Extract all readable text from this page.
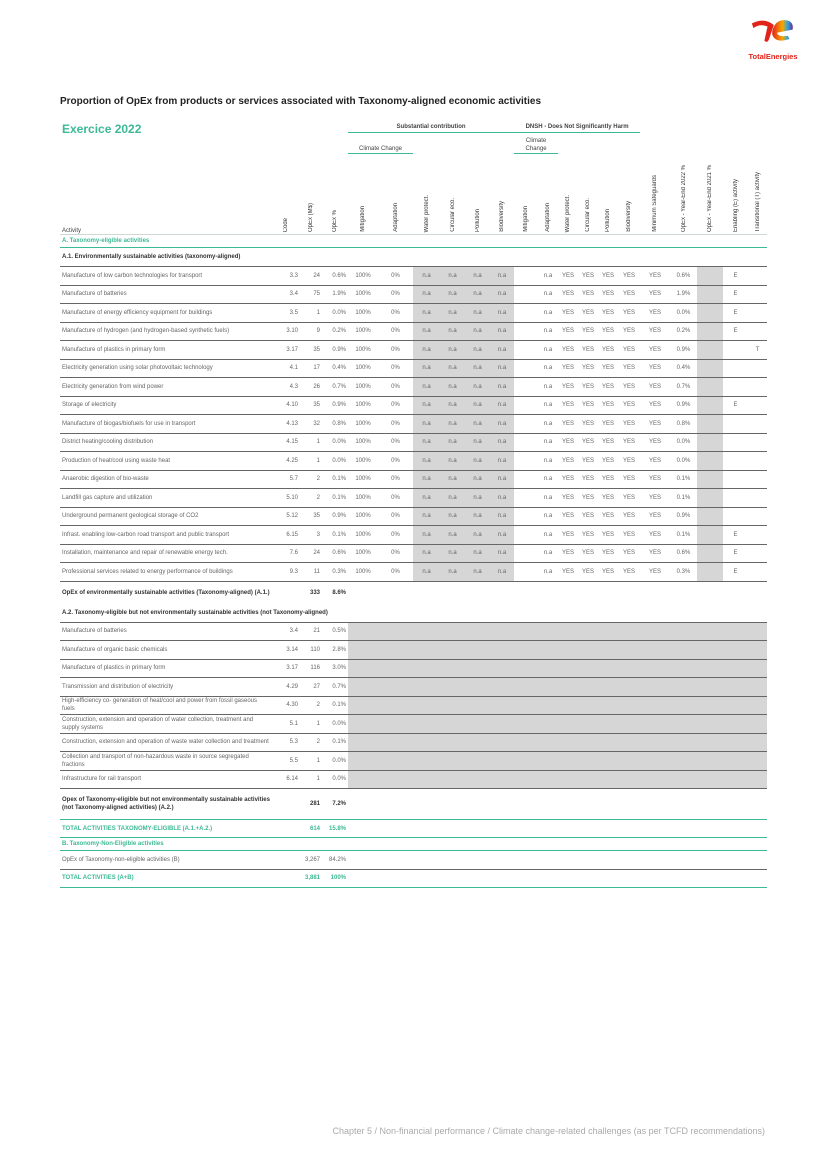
TotalEnergies
Proportion of OpEx from products or services associated with Taxonomy-aligned economic activities
Exercice 2022
				Substantial contribution						DNSH - Does Not Significantly Harm										
				Climate Change						Climate Change										
Activity	Code	OpEx (M$)	OpEx %	Mitigation	Adaptation	Water protect.	Circular eco.	Pollution	Biodiversity	Mitigation	Adaptation	Water protect.	Circular eco.	Pollution	Biodiversity	Minimum Safeguards	OpEx - Year-End 2022 %	OpEx - Year-End 2021 %	Enabling (E) activity	Transitional (T) activity
A. Taxonomy-eligible activities																				
A.1. Environmentally sustainable activities (taxonomy-aligned)																				
Manufacture of low carbon technologies for transport	3.3	24	0.6%	100%	0%	n.a	n.a	n.a	n.a		n.a	YES	YES	YES	YES	YES	0.6%		E	
Manufacture of batteries	3.4	75	1.9%	100%	0%	n.a	n.a	n.a	n.a		n.a	YES	YES	YES	YES	YES	1.9%		E	
Manufacture of energy efficiency equipment for buildings	3.5	1	0.0%	100%	0%	n.a	n.a	n.a	n.a		n.a	YES	YES	YES	YES	YES	0.0%		E	
Manufacture of hydrogen (and hydrogen-based synthetic fuels)	3.10	9	0.2%	100%	0%	n.a	n.a	n.a	n.a		n.a	YES	YES	YES	YES	YES	0.2%		E	
Manufacture of plastics in primary form	3.17	35	0.9%	100%	0%	n.a	n.a	n.a	n.a		n.a	YES	YES	YES	YES	YES	0.9%			T
Electricity generation using solar photovoltaic technology	4.1	17	0.4%	100%	0%	n.a	n.a	n.a	n.a		n.a	YES	YES	YES	YES	YES	0.4%			
Electricity generation from wind power	4.3	26	0.7%	100%	0%	n.a	n.a	n.a	n.a		n.a	YES	YES	YES	YES	YES	0.7%			
Storage of electricity	4.10	35	0.9%	100%	0%	n.a	n.a	n.a	n.a		n.a	YES	YES	YES	YES	YES	0.9%		E	
Manufacture of biogas/biofuels for use in transport	4.13	32	0.8%	100%	0%	n.a	n.a	n.a	n.a		n.a	YES	YES	YES	YES	YES	0.8%			
District heating/cooling distribution	4.15	1	0.0%	100%	0%	n.a	n.a	n.a	n.a		n.a	YES	YES	YES	YES	YES	0.0%			
Production of heat/cool using waste heat	4.25	1	0.0%	100%	0%	n.a	n.a	n.a	n.a		n.a	YES	YES	YES	YES	YES	0.0%			
Anaerobic digestion of bio-waste	5.7	2	0.1%	100%	0%	n.a	n.a	n.a	n.a		n.a	YES	YES	YES	YES	YES	0.1%			
Landfill gas capture and utilization	5.10	2	0.1%	100%	0%	n.a	n.a	n.a	n.a		n.a	YES	YES	YES	YES	YES	0.1%			
Underground permanent geological storage of CO2	5.12	35	0.9%	100%	0%	n.a	n.a	n.a	n.a		n.a	YES	YES	YES	YES	YES	0.9%			
Infrast. enabling low-carbon road transport and public transport	6.15	3	0.1%	100%	0%	n.a	n.a	n.a	n.a		n.a	YES	YES	YES	YES	YES	0.1%		E	
Installation, maintenance and repair of renewable energy tech.	7.6	24	0.6%	100%	0%	n.a	n.a	n.a	n.a		n.a	YES	YES	YES	YES	YES	0.6%		E	
Professional services related to energy performance of buildings	9.3	11	0.3%	100%	0%	n.a	n.a	n.a	n.a		n.a	YES	YES	YES	YES	YES	0.3%		E	
OpEx of environmentally sustainable activities (Taxonomy-aligned) (A.1.)		333	8.6%																	
A.2. Taxonomy-eligible but not environmentally sustainable activities (not Taxonomy-aligned)																				
Manufacture of batteries	3.4	21	0.5%																	
Manufacture of organic basic chemicals	3.14	110	2.8%																	
Manufacture of plastics in primary form	3.17	116	3.0%																	
Transmission and distribution of electricity	4.29	27	0.7%																	
High-efficiency co- generation of heat/cool and power from fossil gaseous fuels	4.30	2	0.1%																	
Construction, extension and operation of water collection, treatment and supply systems	5.1	1	0.0%																	
Construction, extension and operation of waste water collection and treatment	5.3	2	0.1%																	
Collection and transport of non-hazardous waste in source segregated fractions	5.5	1	0.0%																	
Infrastructure for rail transport	6.14	1	0.0%																	
Opex of Taxonomy-eligible but not environmentally sustainable activities (not Taxonomy-aligned activities) (A.2.)		281	7.2%																	
TOTAL ACTIVITIES TAXONOMY-ELIGIBLE (A.1.+A.2.)		614	15.8%																	
B. Taxonomy-Non-Eligible activities																				
OpEx of Taxonomy-non-eligible activities (B)		3,267	84.2%																	
TOTAL ACTIVITIES (A+B)		3,881	100%																	
Chapter 5 / Non-financial performance / Climate change-related challenges (as per TCFD recommendations)
